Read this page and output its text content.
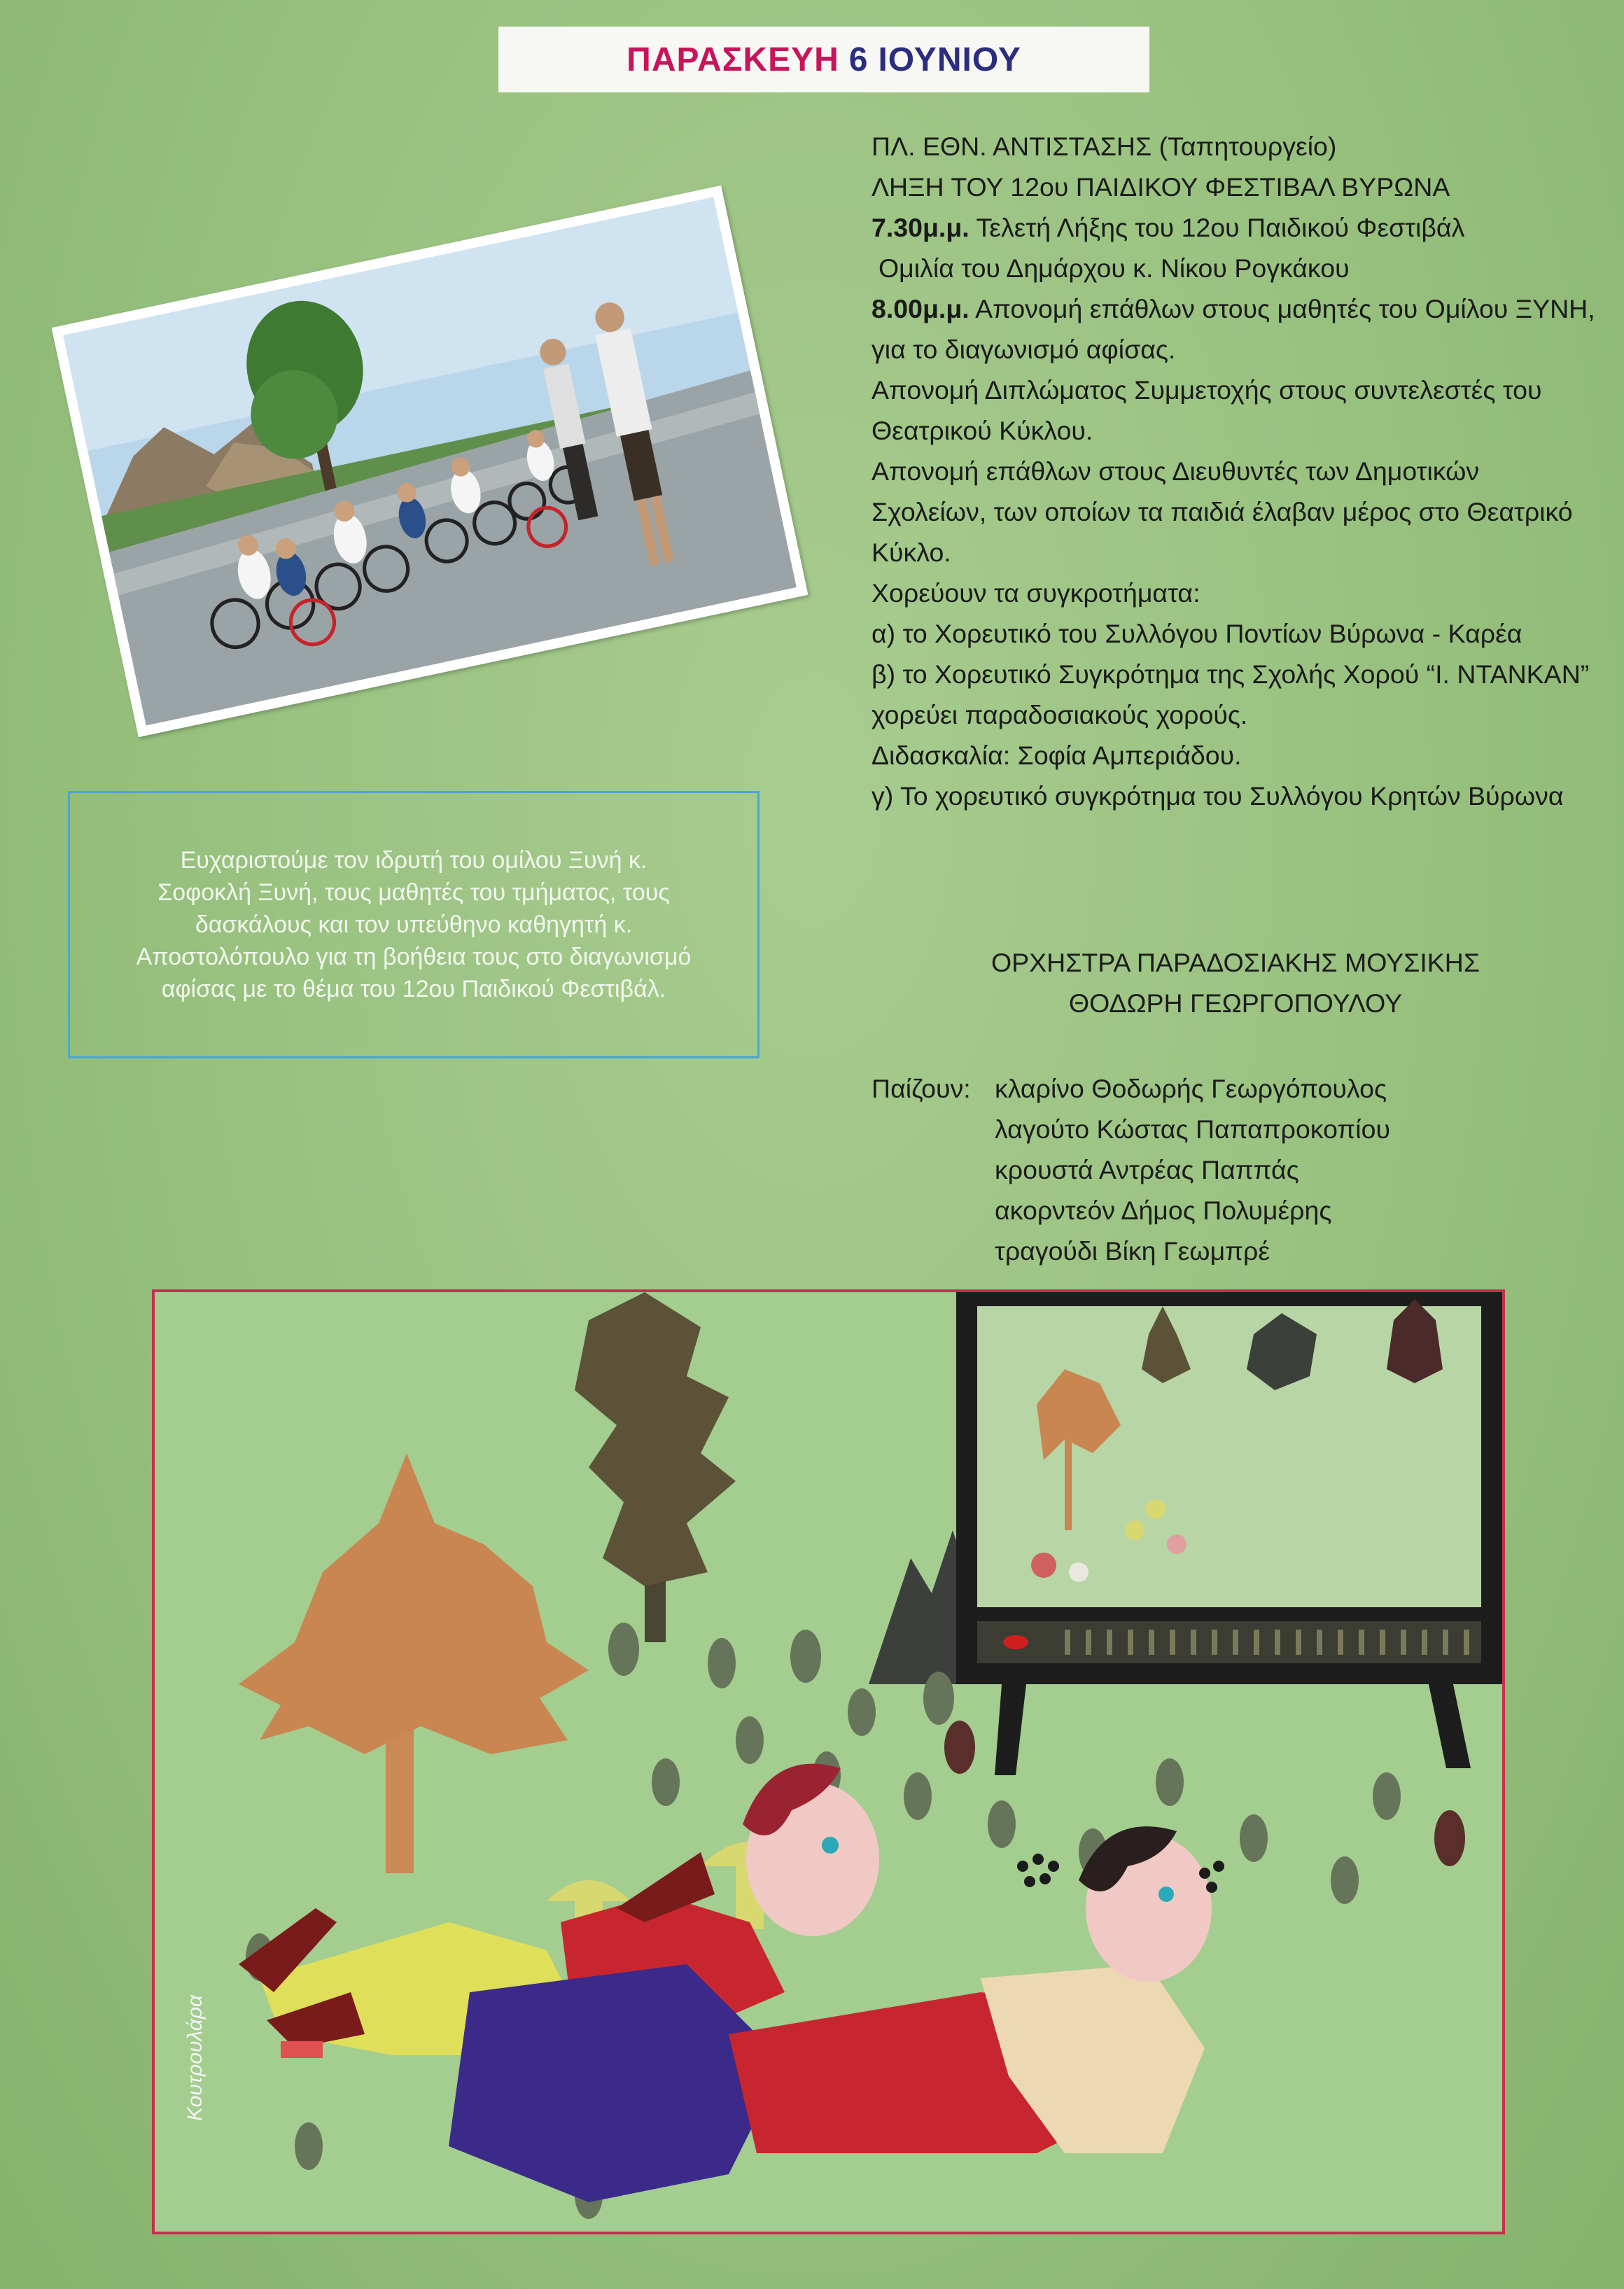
ΠΑΡΑΣΚΕΥΗ 6 ΙΟΥΝΙΟΥ
Ευχαριστούμε τον ιδρυτή του ομίλου Ξυνή κ. Σοφοκλή Ξυνή, τους μαθητές του τμήματος, τους δασκάλους και τον υπεύθηνο καθηγητή κ. Αποστολόπουλο για τη βοήθεια τους στο διαγωνισμό αφίσας με το θέμα του 12ου Παιδικού Φεστιβάλ.

ΠΛ. ΕΘΝ. ΑΝΤΙΣΤΑΣΗΣ (Ταπητουργείο)

ΛΗΞΗ ΤΟΥ 12ου ΠΑΙΔΙΚΟΥ ΦΕΣΤΙΒΑΛ ΒΥΡΩΝΑ

7.30μ.μ. Τελετή Λήξης του 12ου Παιδικού Φεστιβάλ

Ομιλία του Δημάρχου κ. Νίκου Ρογκάκου

8.00μ.μ. Απονομή επάθλων στους μαθητές του Ομίλου ΞΥΝΗ, για το διαγωνισμό αφίσας.

Απονομή Διπλώματος Συμμετοχής στους συντελεστές του Θεατρικού Κύκλου.

Απονομή επάθλων στους Διευθυντές των Δημοτικών Σχολείων, των οποίων τα παιδιά έλαβαν μέρος στο Θεατρικό Κύκλο.

Χορεύουν τα συγκροτήματα:

α) το Χορευτικό του Συλλόγου Ποντίων Βύρωνα - Καρέα

β) το Χορευτικό Συγκρότημα της Σχολής Χορού “Ι. ΝΤΑΝΚΑΝ” χορεύει παραδοσιακούς χορούς.

Διδασκαλία: Σοφία Αμπεριάδου.

γ) Το χορευτικό συγκρότημα του Συλλόγου Κρητών Βύρωνα

ΟΡΧΗΣΤΡΑ ΠΑΡΑΔΟΣΙΑΚΗΣ ΜΟΥΣΙΚΗΣ
ΘΟΔΩΡΗ ΓΕΩΡΓΟΠΟΥΛΟΥ
Παίζουν: κλαρίνο Θοδωρής Γεωργόπουλος
λαγούτο Κώστας Παπαπροκοπίου
κρουστά Αντρέας Παππάς
ακορντεόν Δήμος Πολυμέρης
τραγούδι Βίκη Γεωμπρέ
Κουτρουλάρα
